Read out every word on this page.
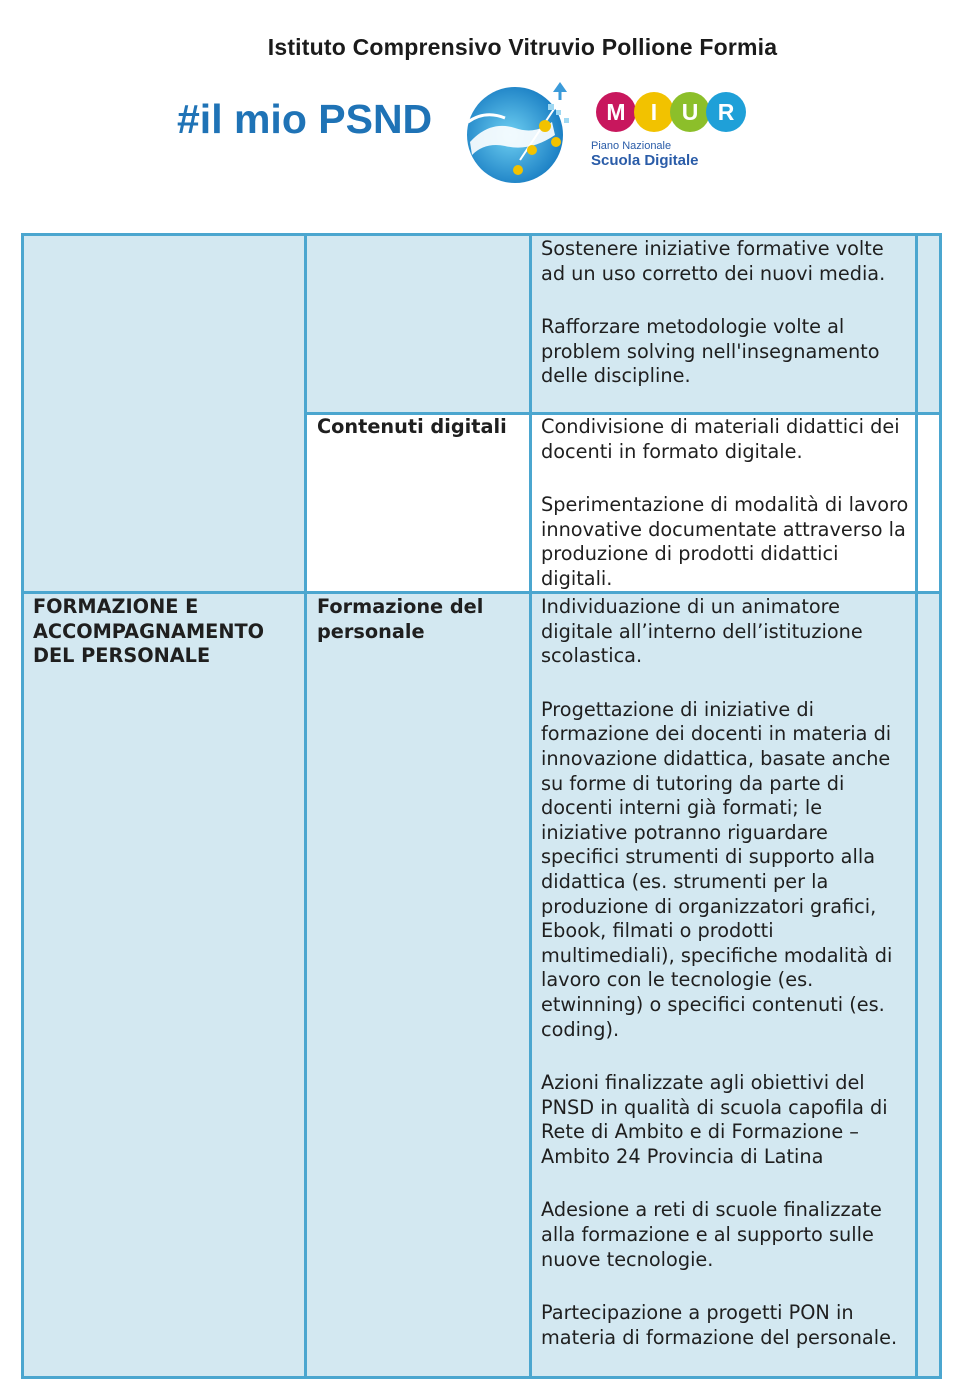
Istituto Comprensivo Vitruvio Pollione Formia
#il mio PSND	M I U R
Piano Nazionale
Scuola Digitale

Sostenere iniziative formative volte ad un uso corretto dei nuovi media.

Rafforzare metodologie volte al problem solving nell'insegnamento delle discipline.

Contenuti digitali	Condivisione di materiali didattici dei docenti in formato digitale.

Sperimentazione di modalità di lavoro innovative documentate attraverso la produzione di prodotti didattici digitali.

FORMAZIONE E ACCOMPAGNAMENTO DEL PERSONALE
Formazione del personale

Individuazione di un animatore digitale all’interno dell’istituzione scolastica.

Progettazione di iniziative di formazione dei docenti in materia di innovazione didattica, basate anche su forme di tutoring da parte di docenti interni già formati; le iniziative potranno riguardare specifici strumenti di supporto alla didattica (es. strumenti per la produzione di organizzatori grafici, Ebook, filmati o prodotti multimediali), specifiche modalità di lavoro con le tecnologie (es. etwinning) o specifici contenuti (es. coding).

Azioni finalizzate agli obiettivi del PNSD in qualità di scuola capofila di Rete di Ambito e di Formazione – Ambito 24 Provincia di Latina

Adesione a reti di scuole finalizzate alla formazione e al supporto sulle nuove tecnologie.

Partecipazione a progetti PON in materia di formazione del personale.
